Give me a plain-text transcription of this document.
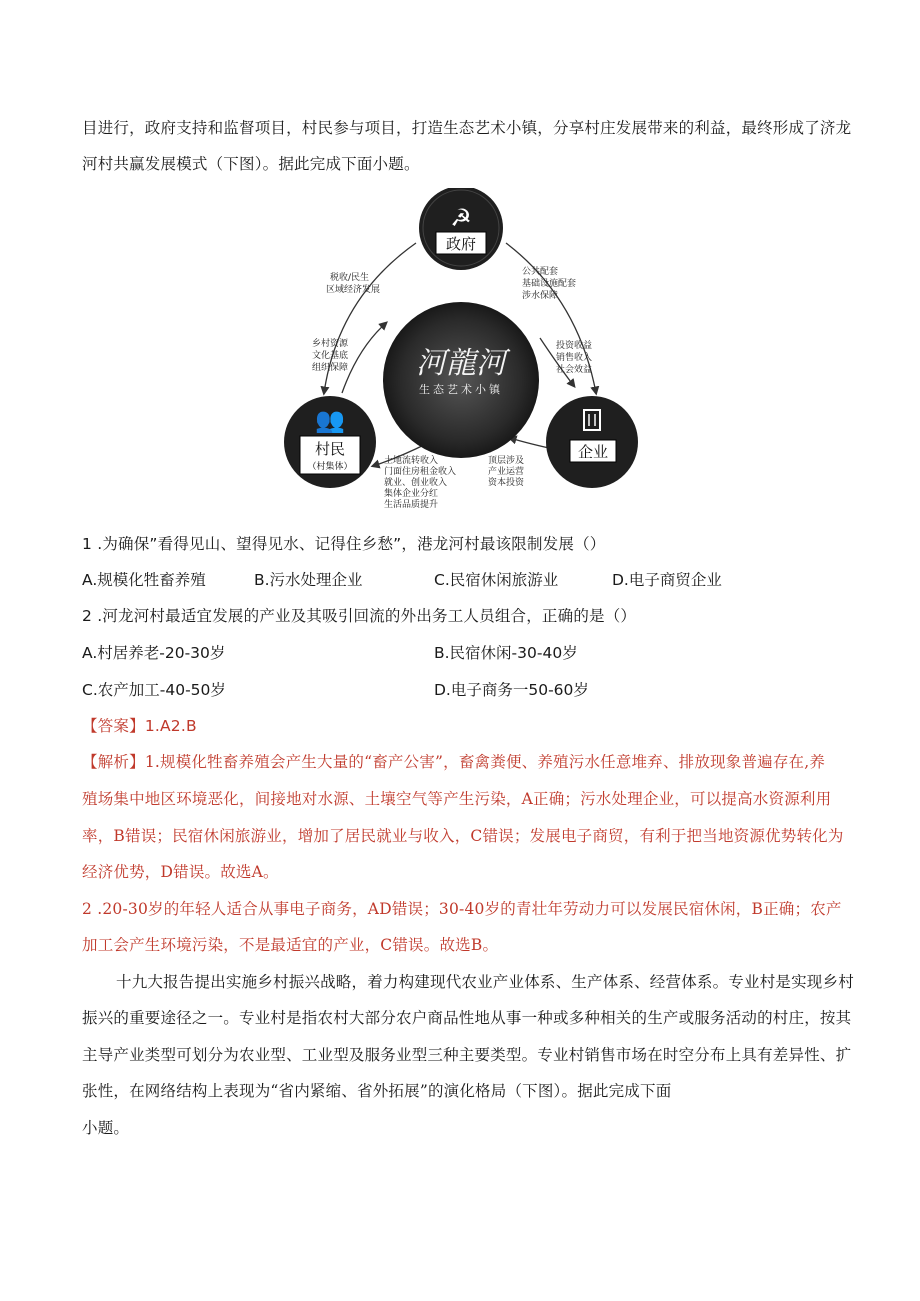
目进行，政府支持和监督项目，村民参与项目，打造生态艺术小镇，分享村庄发展带来的利益，最终形成了济龙
河村共赢发展模式（下图）。据此完成下面小题。
☭
政府
河龍河
生态艺术小镇
👥
村民
（村集体）
企业
税收/民生
区域经济发展
公共配套
基础设施配套
涉水保障
乡村资源
文化基底
组织保障
投资收益
销售收入
社会效益
土地流转收入
门面住房租金收入
就业、创业收入
集体企业分红
生活品质提升
顶层涉及
产业运营
资本投资
1 .为确保”看得见山、望得见水、记得住乡愁”，港龙河村最该限制发展（）
A.规模化牲畜养殖	B.污水处理企业	C.民宿休闲旅游业	D.电子商贸企业
2 .河龙河村最适宜发展的产业及其吸引回流的外出务工人员组合，正确的是（）
A.村居养老-20-30岁	B.民宿休闲-30-40岁
C.农产加工-40-50岁	D.电子商务一50-60岁
【答案】1.A2.B
【解析】1.规模化牲畜养殖会产生大量的“畜产公害”，畜禽粪便、养殖污水任意堆弃、排放现象普遍存在,养
殖场集中地区环境恶化，间接地对水源、土壤空气等产生污染，A正确；污水处理企业，可以提高水资源利用
率，B错误；民宿休闲旅游业，增加了居民就业与收入，C错误；发展电子商贸，有利于把当地资源优势转化为
经济优势，D错误。故选A。
2 .20-30岁的年轻人适合从事电子商务，AD错误；30-40岁的青壮年劳动力可以发展民宿休闲，B正确；农产
加工会产生环境污染，不是最适宜的产业，C错误。故选B。
十九大报告提出实施乡村振兴战略，着力构建现代农业产业体系、生产体系、经营体系。专业村是实现乡村
振兴的重要途径之一。专业村是指农村大部分农户商品性地从事一种或多种相关的生产或服务活动的村庄，按其
主导产业类型可划分为农业型、工业型及服务业型三种主要类型。专业村销售市场在时空分布上具有差异性、扩
张性，在网络结构上表现为“省内紧缩、省外拓展”的演化格局（下图）。据此完成下面
小题。
